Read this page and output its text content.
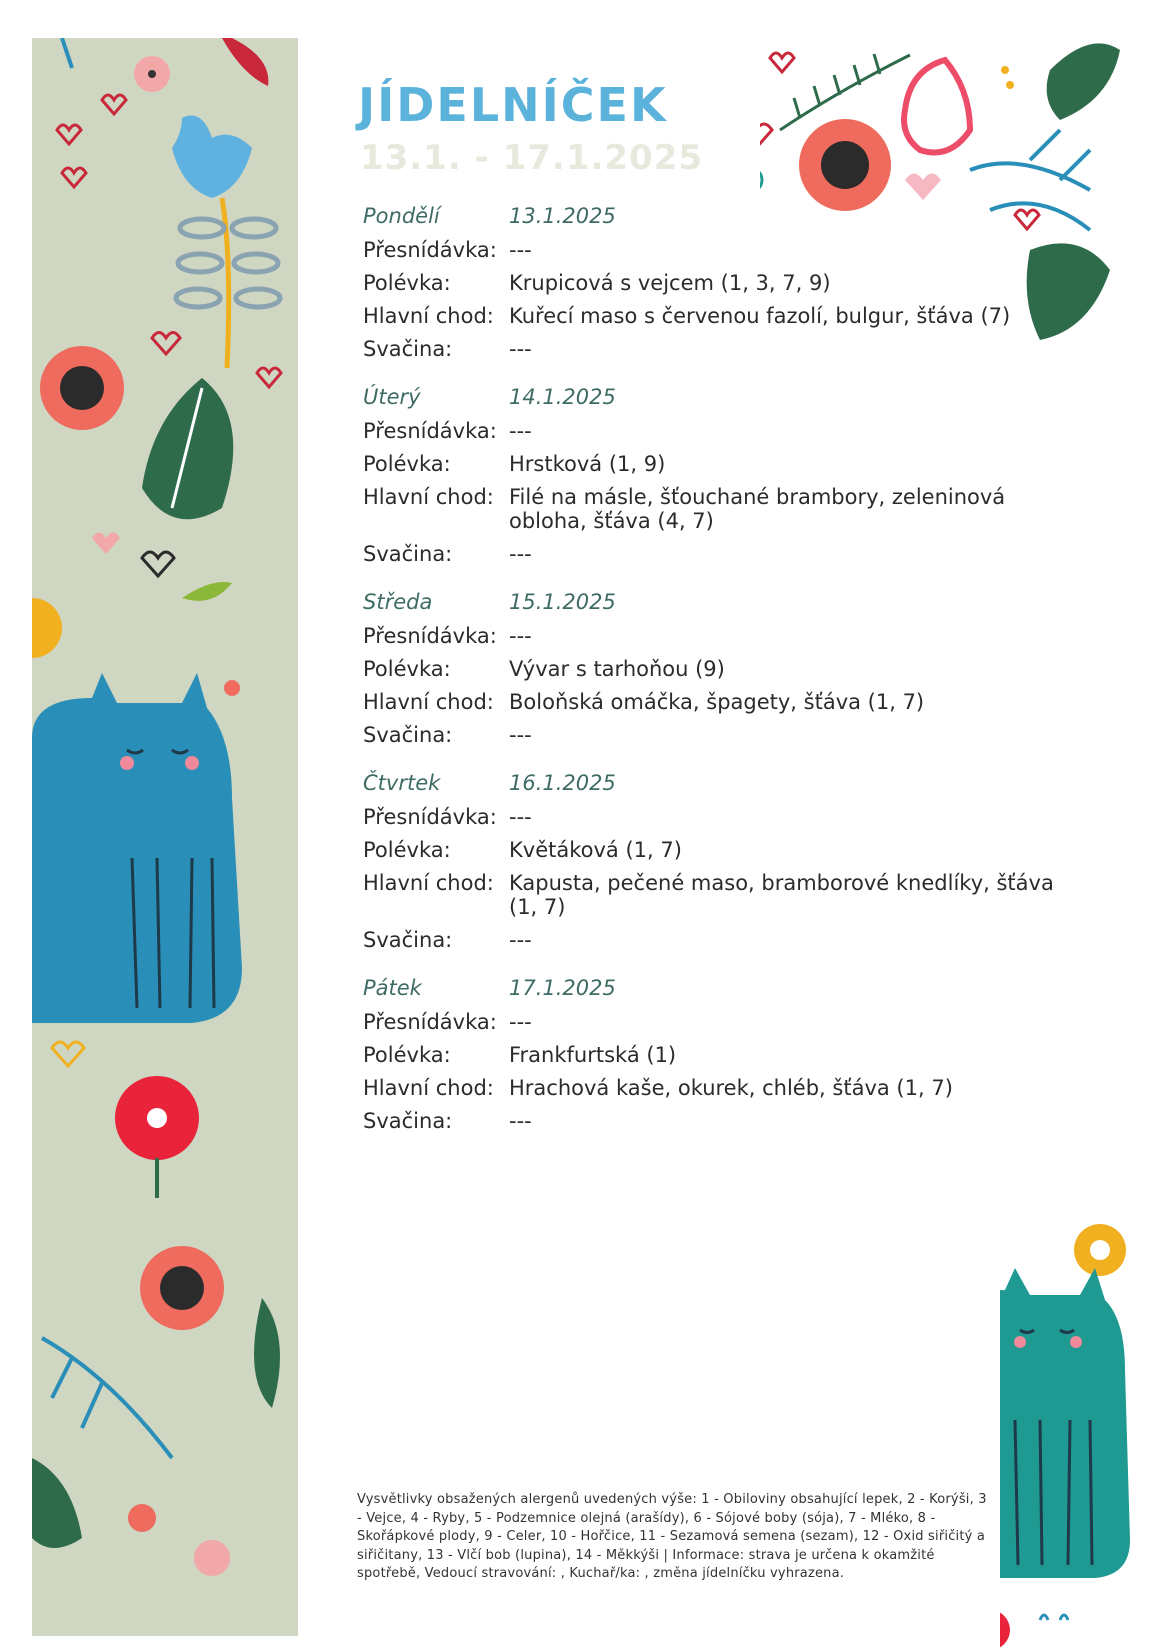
JÍDELNÍČEK
13.1. - 17.1.2025
Pondělí	13.1.2025
Přesnídávka: ---
Polévka:	Krupicová s vejcem (1, 3, 7, 9)
Hlavní chod: Kuřecí maso s červenou fazolí, bulgur, šťáva (7)
Svačina:	---
Úterý	14.1.2025
Přesnídávka: ---
Polévka:	Hrstková (1, 9)
Hlavní chod: Filé na másle, šťouchané brambory, zeleninová obloha, šťáva (4, 7)
Svačina:	---
Středa	15.1.2025
Přesnídávka: ---
Polévka:	Vývar s tarhoňou (9)
Hlavní chod: Boloňská omáčka, špagety, šťáva (1, 7)
Svačina:	---
Čtvrtek	16.1.2025
Přesnídávka: ---
Polévka:	Květáková (1, 7)
Hlavní chod: Kapusta, pečené maso, bramborové knedlíky, šťáva (1, 7)
Svačina:	---
Pátek	17.1.2025
Přesnídávka: ---
Polévka:	Frankfurtská (1)
Hlavní chod: Hrachová kaše, okurek, chléb, šťáva (1, 7)
Svačina:	---
Vysvětlivky obsažených alergenů uvedených výše: 1 - Obiloviny obsahující lepek, 2 - Korýši, 3 - Vejce, 4 - Ryby, 5 - Podzemnice olejná (arašídy), 6 - Sójové boby (sója), 7 - Mléko, 8 - Skořápkové plody, 9 - Celer, 10 - Hořčice, 11 - Sezamová semena (sezam), 12 - Oxid siřičitý a siřičitany, 13 - Vlčí bob (lupina), 14 - Měkkýši | Informace: strava je určena k okamžité spotřebě, Vedoucí stravování: , Kuchař/ka: , změna jídelníčku vyhrazena.
